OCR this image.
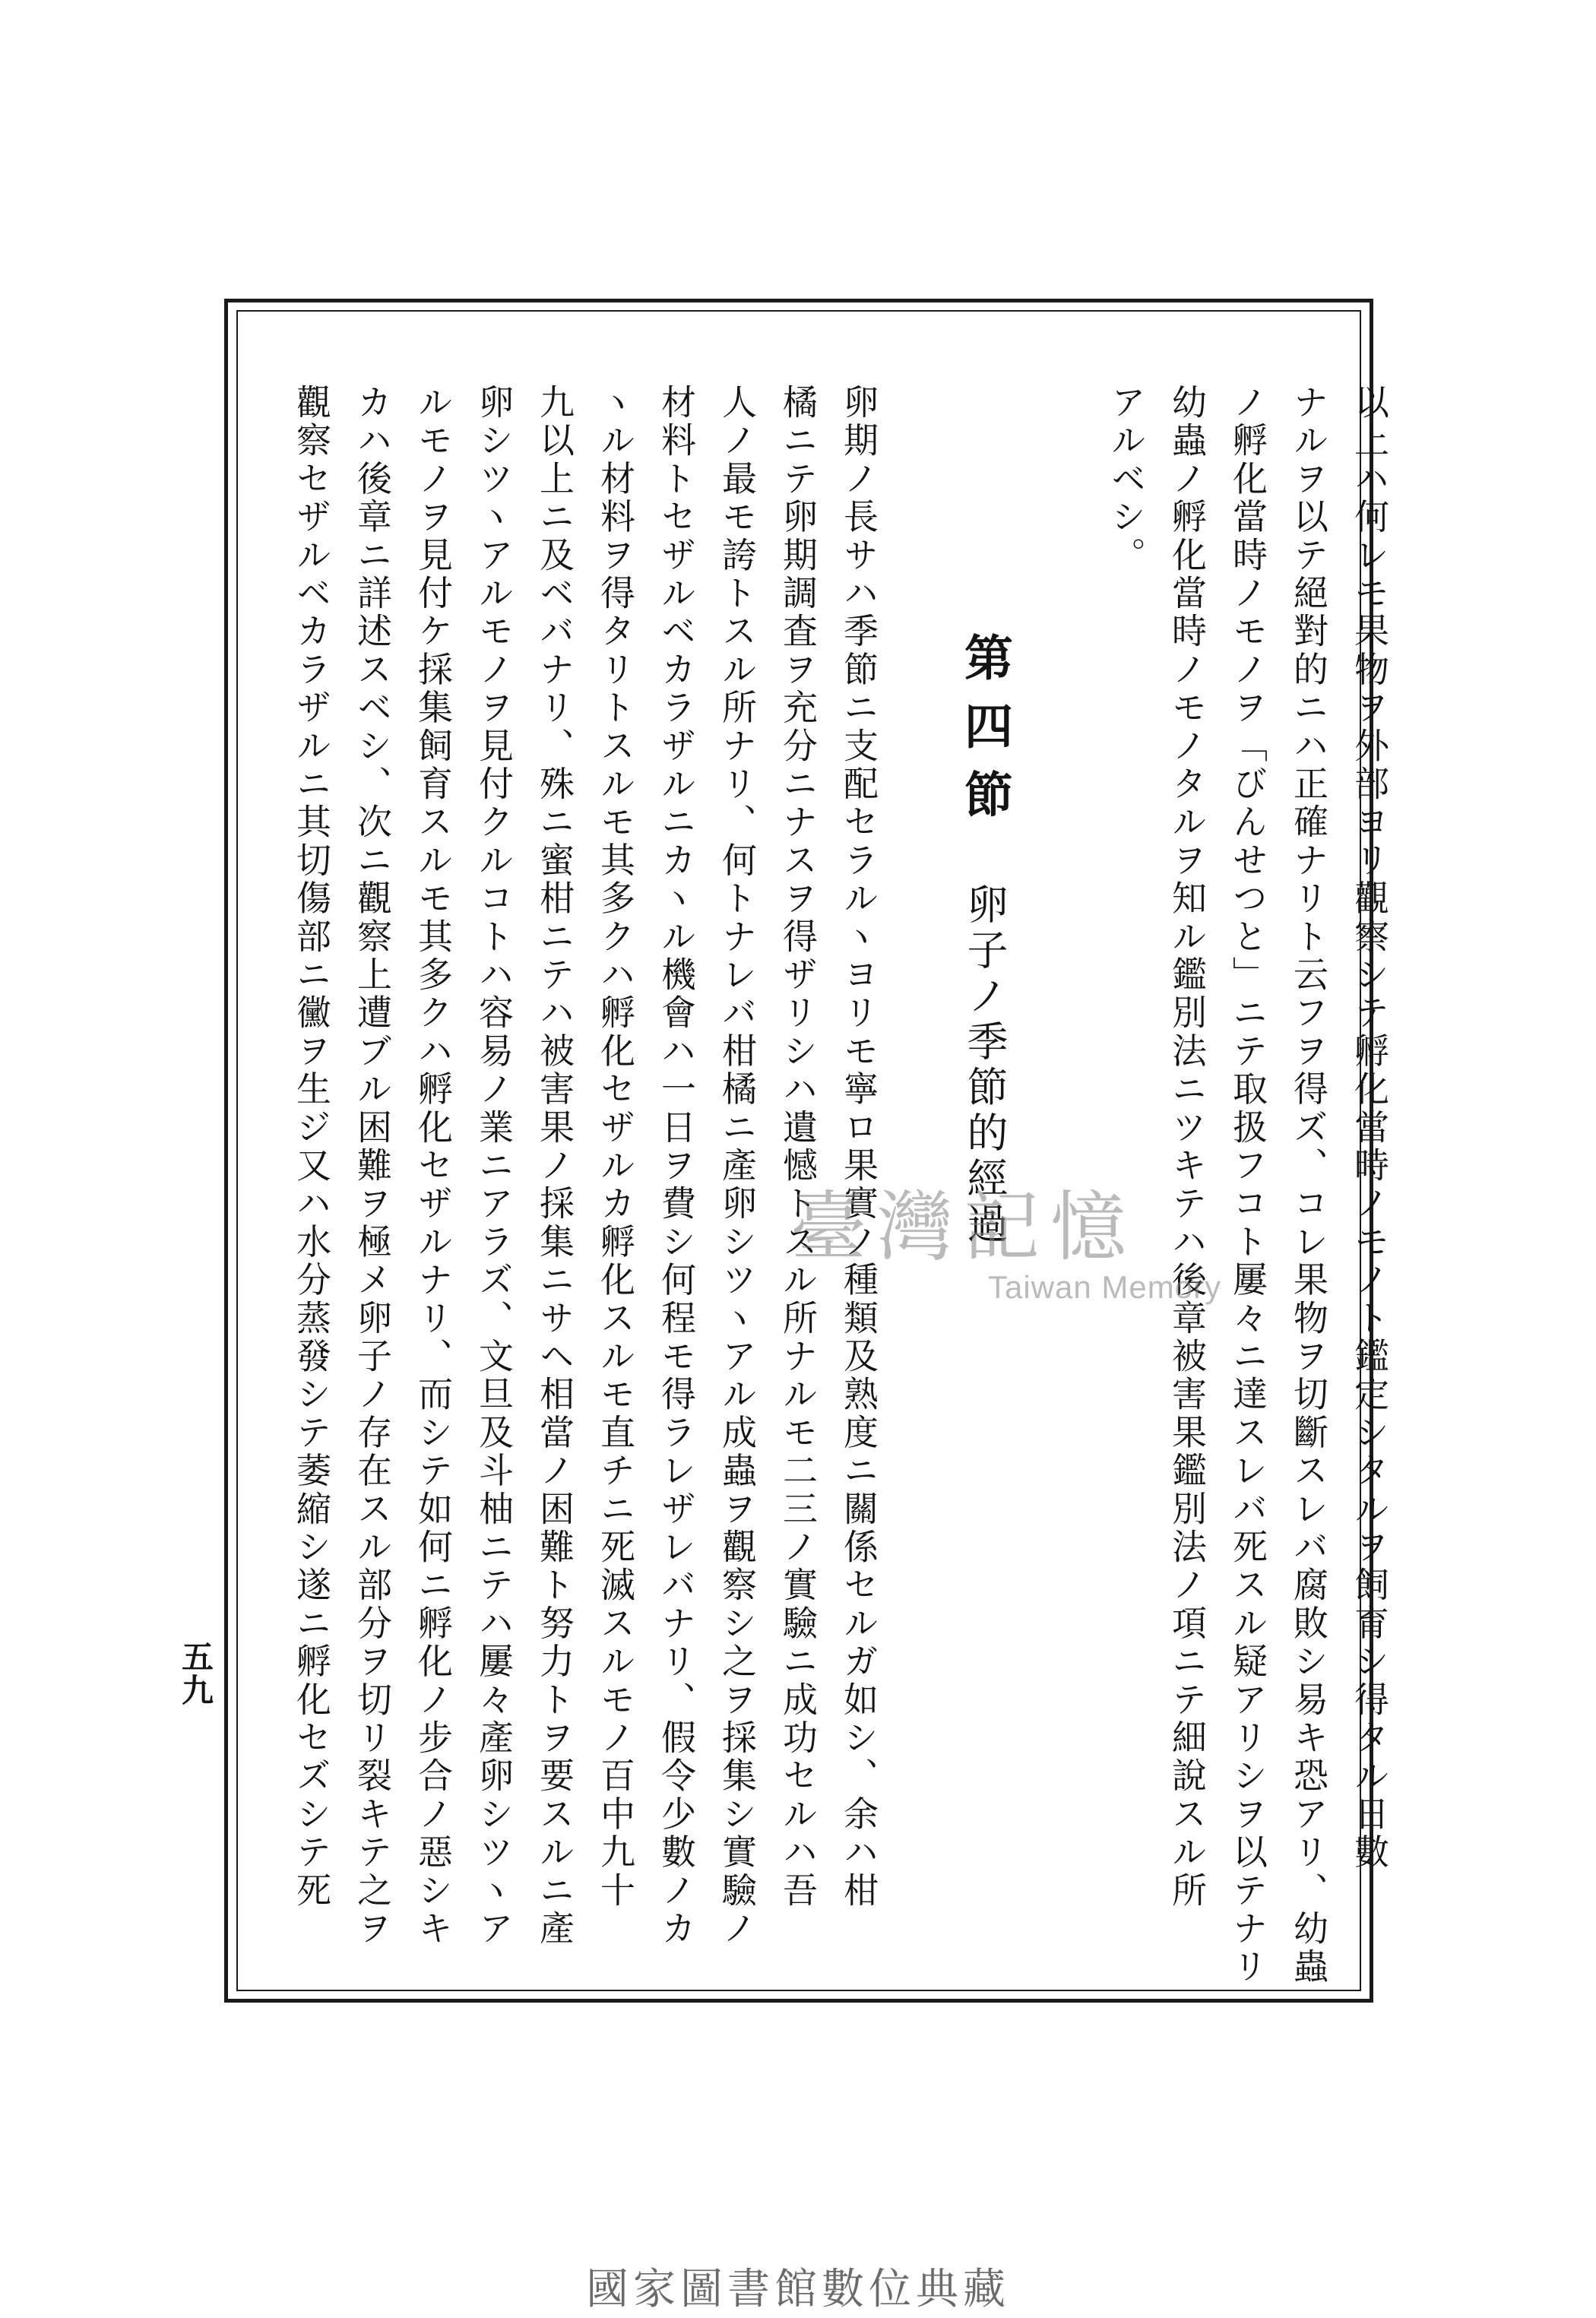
以上ハ何レモ果物ヲ外部ヨリ觀察シテ孵化當時ノモノト鑑定シタルヲ飼育シ得タル日數
ナルヲ以テ絕對的ニハ正確ナリト云フヲ得ズ、コレ果物ヲ切斷スレバ腐敗シ易キ恐アリ、幼蟲
ノ孵化當時ノモノヲ「びんせつと」ニテ取扱フコト屢々ニ達スレバ死スル疑アリシヲ以テナリ
幼蟲ノ孵化當時ノモノタルヲ知ル鑑別法ニツキテハ後章被害果鑑別法ノ項ニテ細說スル所
アルベシ。
第四節卵子ノ季節的經過
卵期ノ長サハ季節ニ支配セラルヽヨリモ寧ロ果實ノ種類及熟度ニ關係セルガ如シ、余ハ柑
橘ニテ卵期調査ヲ充分ニナスヲ得ザリシハ遺憾トスル所ナルモ二三ノ實驗ニ成功セルハ吾
人ノ最モ誇トスル所ナリ、何トナレバ柑橘ニ產卵シツヽアル成蟲ヲ觀察シ之ヲ採集シ實驗ノ
材料トセザルベカラザルニカヽル機會ハ一日ヲ費シ何程モ得ラレザレバナリ、假令少數ノカ
ヽル材料ヲ得タリトスルモ其多クハ孵化セザルカ孵化スルモ直チニ死滅スルモノ百中九十
九以上ニ及ベバナリ、殊ニ蜜柑ニテハ被害果ノ採集ニサヘ相當ノ困難ト努力トヲ要スルニ產
卵シツヽアルモノヲ見付クルコトハ容易ノ業ニアラズ、文旦及斗柚ニテハ屢々產卵シツヽア
ルモノヲ見付ケ採集飼育スルモ其多クハ孵化セザルナリ、而シテ如何ニ孵化ノ步合ノ惡シキ
カハ後章ニ詳述スベシ、次ニ觀察上遭ブル困難ヲ極メ卵子ノ存在スル部分ヲ切リ裂キテ之ヲ
觀察セザルベカラザルニ其切傷部ニ黴ヲ生ジ又ハ水分蒸發シテ萎縮シ遂ニ孵化セズシテ死
五九
臺灣記憶
Taiwan Memory
國家圖書館數位典藏
